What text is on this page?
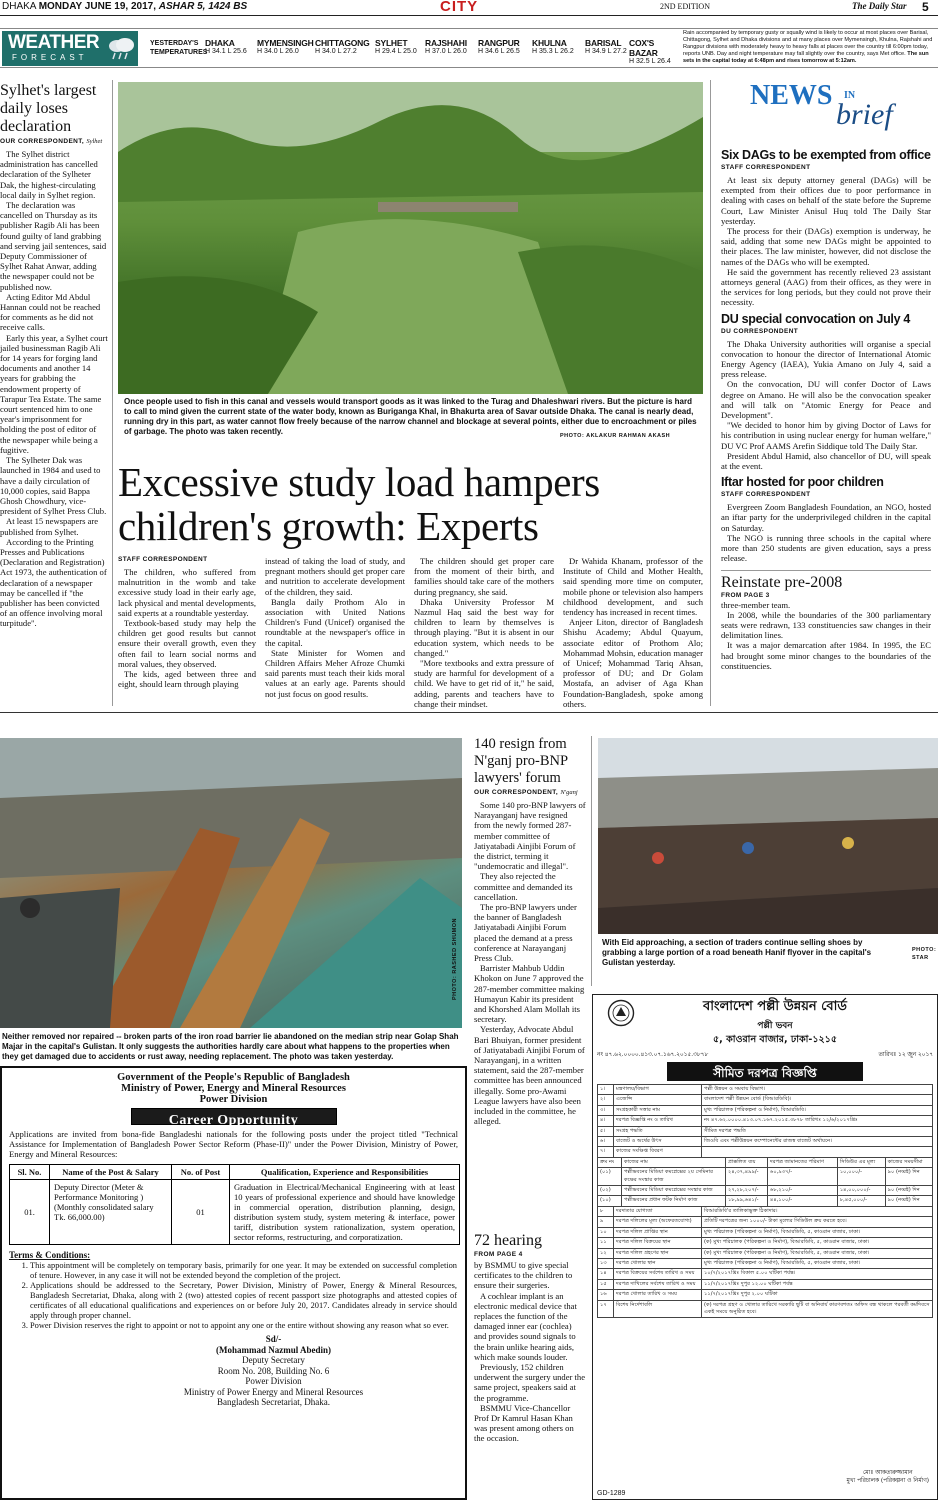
DHAKA MONDAY JUNE 19, 2017, ASHAR 5, 1424 BS	CITY	2ND EDITION	The Daily Star 5
WEATHER
FORECAST
YESTERDAY'S
TEMPERATURES
DHAKA
H 34.1 L 25.6
MYMENSINGH
H 34.0 L 26.0
CHITTAGONG
H 34.0 L 27.2
SYLHET
H 29.4 L 25.0
RAJSHAHI
H 37.0 L 26.0
RANGPUR
H 34.6 L 26.5
KHULNA
H 35.3 L 26.2
BARISAL
H 34.9 L 27.2
COX'S BAZAR
H 32.5 L 26.4
Rain accompanied by temporary gusty or squally wind is likely to occur at most places over Barisal, Chittagong, Sylhet and Dhaka divisions and at many places over Mymensingh, Khulna, Rajshahi and Rangpur divisions with moderately heavy to heavy falls at places over the country till 6:00pm today, reports UNB. Day and night temperature may fall slightly over the country, says Met office. The sun sets in the capital today at 6:48pm and rises tomorrow at 5:12am.
Sylhet's largest daily loses declaration
OUR CORRESPONDENT, Sylhet

The Sylhet district administration has cancelled declaration of the Sylheter Dak, the highest-circulating local daily in Sylhet region.

The declaration was cancelled on Thursday as its publisher Ragib Ali has been found guilty of land grabbing and serving jail sentences, said Deputy Commissioner of Sylhet Rahat Anwar, adding the newspaper could not be published now.

Acting Editor Md Abdul Hannan could not be reached for comments as he did not receive calls.

Early this year, a Sylhet court jailed businessman Ragib Ali for 14 years for forging land documents and another 14 years for grabbing the endowment property of Tarapur Tea Estate. The same court sentenced him to one year's imprisonment for holding the post of editor of the newspaper while being a fugitive.

The Sylheter Dak was launched in 1984 and used to have a daily circulation of 10,000 copies, said Bappa Ghosh Chowdhury, vice-president of Sylhet Press Club.

At least 15 newspapers are published from Sylhet.

According to the Printing Presses and Publications (Declaration and Registration) Act 1973, the authentication of declaration of a newspaper may be cancelled if "the publisher has been convicted of an offence involving moral turpitude".

Once people used to fish in this canal and vessels would transport goods as it was linked to the Turag and Dhaleshwari rivers. But the picture is hard to call to mind given the current state of the water body, known as Buriganga Khal, in Bhakurta area of Savar outside Dhaka. The canal is nearly dead, running dry in this part, as water cannot flow freely because of the narrow channel and blockage at several points, either due to encroachment or piles of garbage. The photo was taken recently.	PHOTO: AKLAKUR RAHMAN AKASH
Excessive study load hampers
children's growth: Experts
STAFF CORRESPONDENT

The children, who suffered from malnutrition in the womb and take excessive study load in their early age, lack physical and mental developments, said experts at a roundtable yesterday.

Textbook-based study may help the children get good results but cannot ensure their overall growth, even they often fail to learn social norms and moral values, they observed.

The kids, aged between three and eight, should learn through playing

instead of taking the load of study, and pregnant mothers should get proper care and nutrition to accelerate development of the children, they said.

Bangla daily Prothom Alo in association with United Nations Children's Fund (Unicef) organised the roundtable at the newspaper's office in the capital.

State Minister for Women and Children Affairs Meher Afroze Chumki said parents must teach their kids moral values at an early age. Parents should not just focus on good results.

The children should get proper care from the moment of their birth, and families should take care of the mothers during pregnancy, she said.

Dhaka University Professor M Nazmul Haq said the best way for children to learn by themselves is through playing. "But it is absent in our education system, which needs to be changed."

"More textbooks and extra pressure of study are harmful for development of a child. We have to get rid of it," he said, adding, parents and teachers have to change their mindset.

Dr Wahida Khanam, professor of the Institute of Child and Mother Health, said spending more time on computer, mobile phone or television also hampers childhood development, and such tendency has increased in recent times.

Anjeer Liton, director of Bangladesh Shishu Academy; Abdul Quayum, associate editor of Prothom Alo; Mohammad Mohsin, education manager of Unicef; Mohammad Tariq Ahsan, professor of DU; and Dr Golam Mostafa, an adviser of Aga Khan Foundation-Bangladesh, spoke among others.

NEWS IN
brief
Six DAGs to be exempted from office
STAFF CORRESPONDENT

At least six deputy attorney general (DAGs) will be exempted from their offices due to poor performance in dealing with cases on behalf of the state before the Supreme Court, Law Minister Anisul Huq told The Daily Star yesterday.

The process for their (DAGs) exemption is underway, he said, adding that some new DAGs might be appointed to their places. The law minister, however, did not disclose the names of the DAGs who will be exempted.

He said the government has recently relieved 23 assistant attorneys general (AAG) from their offices, as they were in the services for long periods, but they could not prove their necessity.

DU special convocation on July 4
DU CORRESPONDENT

The Dhaka University authorities will organise a special convocation to honour the director of International Atomic Energy Agency (IAEA), Yukia Amano on July 4, said a press release.

On the convocation, DU will confer Doctor of Laws degree on Amano. He will also be the convocation speaker and will talk on "Atomic Energy for Peace and Development".

"We decided to honor him by giving Doctor of Laws for his contribution in using nuclear energy for human welfare," DU VC Prof AAMS Arefin Siddique told The Daily Star.

President Abdul Hamid, also chancellor of DU, will speak at the event.

Iftar hosted for poor children
STAFF CORRESPONDENT

Evergreen Zoom Bangladesh Foundation, an NGO, hosted an iftar party for the underprivileged children in the capital on Saturday.

The NGO is running three schools in the capital where more than 250 students are given education, says a press release.

Reinstate pre-2008
FROM PAGE 3

three-member team.

In 2008, while the boundaries of the 300 parliamentary seats were redrawn, 133 constituencies saw changes in their delimitation lines.

It was a major demarcation after 1984. In 1995, the EC had brought some minor changes to the boundaries of the constituencies.

PHOTO: RASHED SHUMON
Neither removed nor repaired -- broken parts of the iron road barrier lie abandoned on the median strip near Golap Shah Majar in the capital's Gulistan. It only suggests the authorities hardly care about what happens to the properties when they get damaged due to accidents or rust away, needing replacement. The photo was taken yesterday.
140 resign from N'ganj pro-BNP lawyers' forum
OUR CORRESPONDENT, N'ganj

Some 140 pro-BNP lawyers of Narayanganj have resigned from the newly formed 287-member committee of Jatiyatabadi Ainjibi Forum of the district, terming it "undemocratic and illegal".

They also rejected the committee and demanded its cancellation.

The pro-BNP lawyers under the banner of Bangladesh Jatiyatabadi Ainjibi Forum placed the demand at a press conference at Narayanganj Press Club.

Barrister Mahbub Uddin Khokon on June 7 approved the 287-member committee making Humayun Kabir its president and Khorshed Alam Mollah its secretary.

Yesterday, Advocate Abdul Bari Bhuiyan, former president of Jatiyatabadi Ainjibi Forum of Narayanganj, in a written statement, said the 287-member committee has been announced illegally. Some pro-Awami League lawyers have also been included in the committee, he alleged.

72 hearing
FROM PAGE 4

by BSMMU to give special certificates to the children to ensure their surgeries.

A cochlear implant is an electronic medical device that replaces the function of the damaged inner ear (cochlea) and provides sound signals to the brain unlike hearing aids, which make sounds louder.

Previously, 152 children underwent the surgery under the same project, speakers said at the programme.

BSMMU Vice-Chancellor Prof Dr Kamrul Hasan Khan was present among others on the occasion.

With Eid approaching, a section of traders continue selling shoes by grabbing a large portion of a road beneath Hanif flyover in the capital's Gulistan yesterday.
PHOTO:
STAR
Government of the People's Republic of Bangladesh
Ministry of Power, Energy and Mineral Resources
Power Division
Career Opportunity
Applications are invited from bona-fide Bangladeshi nationals for the following posts under the project titled "Technical Assistance for Implementation of Bangladesh Power Sector Reform (Phase-II)" under the Power Division, Ministry of Power, Energy and Mineral Resources:
Sl. No.	Name of the Post & Salary	No. of Post	Qualification, Experience and Responsibilities
01.	Deputy Director (Meter & Performance Monitoring ) (Monthly consolidated salary Tk. 66,000.00)	01	Graduation in Electrical/Mechanical Engineering with at least 10 years of professional experience and should have knowledge in commercial operation, distribution planning, design, distribution system study, system metering & interface, power tariff, distribution system rationalization, system operation, sector reforms, restructuring, and corporatization.
Terms & Conditions:
1. This appointment will be completely on temporary basis, primarily for one year. It may be extended on successful completion of tenure. However, in any case it will not be extended beyond the completion of the project.
2. Applications should be addressed to the Secretary, Power Division, Ministry of Power, Energy & Mineral Resources, Bangladesh Secretariat, Dhaka, along with 2 (two) attested copies of recent passport size photographs and attested copies of certificates of all educational qualifications and experiences on or before July 20, 2017. Candidates already in service should apply through proper channel.
3. Power Division reserves the right to appoint or not to appoint any one or the entire without showing any reason what so ever.
Sd/-
(Mohammad Nazmul Abedin)
Deputy Secretary
Room No. 208, Building No. 6
Power Division
Ministry of Power Energy and Mineral Resources
Bangladesh Secretariat, Dhaka.
বাংলাদেশ পল্লী উন্নয়ন বোর্ড
পল্লী ভবন
৫, কাওরান বাজার, ঢাকা-১২১৫
নং ৪৭.৬২.০০০০.৪১৩.০৭.১৬৭.২০১৫.৩৮৭৮	তারিখঃ ১২ জুন ২০১৭
সীমিত দরপত্র বিজ্ঞপ্তি
১।	মন্ত্রণালয়/বিভাগ	পল্লী উন্নয়ন ও সমবায় বিভাগ।
২।	এজেন্সি	বাংলাদেশ পল্লী উন্নয়ন বোর্ড (বিআরডিবি)।
৩।	সংগ্রহকারী সত্তার নাম	মুখ্য পরিচালক (পরিকল্পনা ও নির্মাণ), বিআরডিবি।
৪।	দরপত্র বিজ্ঞপ্তি নং ও তারিখ	নং ৪৭.৬২.০০০০.৪১৩.০৭.১৬৭.২০১৫.৩৮৭৮ তারিখঃ ১২/৬/২০১৭খ্রিঃ
৫।	সংগ্রহ পদ্ধতি	সীমিত দরপত্র পদ্ধতি
৬।	বাজেট ও অর্থের উৎস	জিওবি এবং পল্লীউন্নয়ন কম্পোনেন্টের রাজস্ব বাজেট অর্থায়নে।
৭।	কাজের সংক্ষিপ্ত বিবরণ	
ক্রম নং	কাজের নাম	প্রাক্কলিত ব্যয়	দরপত্র জামানতের পরিমাণ	সিডিউর এর মূল্য	কাজের সময়সীমা
(০১)	পল্লীভবনের মিডিয়া কমপ্লেক্সের ২য় সেমিনার কক্ষের সংস্কার কাজ	২৪,৩৭,৪৯৯/-	৬০,৯৩৭/-	১০,০০০/-	৯০ (নব্বই) দিন
(০২)	পল্লীভবনের মিডিয়া কমপ্লেক্সের সংস্কার কাজ	২৭,২৮,২০৭/-	৬৮,২১০/-	১৪,০০,০০০/-	৯০ (নব্বই) দিন
(১০)	পল্লীভবনের প্রধান ফটক নির্মাণ কাজ	১৮,৯৯,৬৪১/-	৪৪,১০০/-	৮,৪৫,০০০/-	৯০ (নব্বই) দিন
৮	দরদাতার যোগ্যতা	বিআরডিবি'র তালিকাভুক্ত ঠিকাদার।
৯	দরপত্র দলিলের মূল্য (অফেরতযোগ্য)	প্রতিটি দরপত্রের জন্য ১০০০/- টাকা মূল্যের সিডিউল ক্রয় করতে হবে।
১০	দরপত্র দলিল প্রাপ্তির স্থান	মুখ্য পরিচালক (পরিকল্পনা ও নির্মাণ), বিআরডিবি, ৫, কাওরান বাজার, ঢাকা।
১১	দরপত্র দলিল বিক্রয়ের স্থান	(ক) মুখ্য পরিচালক (পরিকল্পনা ও নির্মাণ), বিআরডিবি, ৫, কাওরান বাজার, ঢাকা।
১২	দরপত্র দলিল গ্রহণের স্থান	(ক) মুখ্য পরিচালক (পরিকল্পনা ও নির্মাণ), বিআরডিবি, ৫, কাওরান বাজার, ঢাকা।
১৩	দরপত্র খোলার স্থান	মুখ্য পরিচালক (পরিকল্পনা ও নির্মাণ), বিআরডিবি, ৫, কাওরান বাজার, ঢাকা।
১৪	দরপত্র বিক্রয়ের সর্বশেষ তারিখ ও সময়	১০/৭/২০১৭খ্রিঃ বিকাল ৫.০০ ঘটিকা পর্যন্ত।
১৫	দরপত্র দাখিলের সর্বশেষ তারিখ ও সময়	১১/৭/২০১৭খ্রিঃ দুপুর ১২.০০ ঘটিকা পর্যন্ত
১৬	দরপত্র খোলার তারিখ ও সময়	১১/৭/২০১৭খ্রিঃ দুপুর ২.০০ ঘটিকা
১৭	বিশেষ নির্দেশাবলি	(ক) দরপত্র গ্রহণ ও খোলার তারিখে সরকারি ছুটি বা অনিবার্য কারণবশতঃ অফিস বন্ধ থাকলে পরবর্তী কর্মদিবসে একই সময়ে অনুষ্ঠিত হবে।
মোঃ আকতারুজ্জামান
মুখ্য পরিচালক (পরিকল্পনা ও নির্মাণ)
GD-1289
